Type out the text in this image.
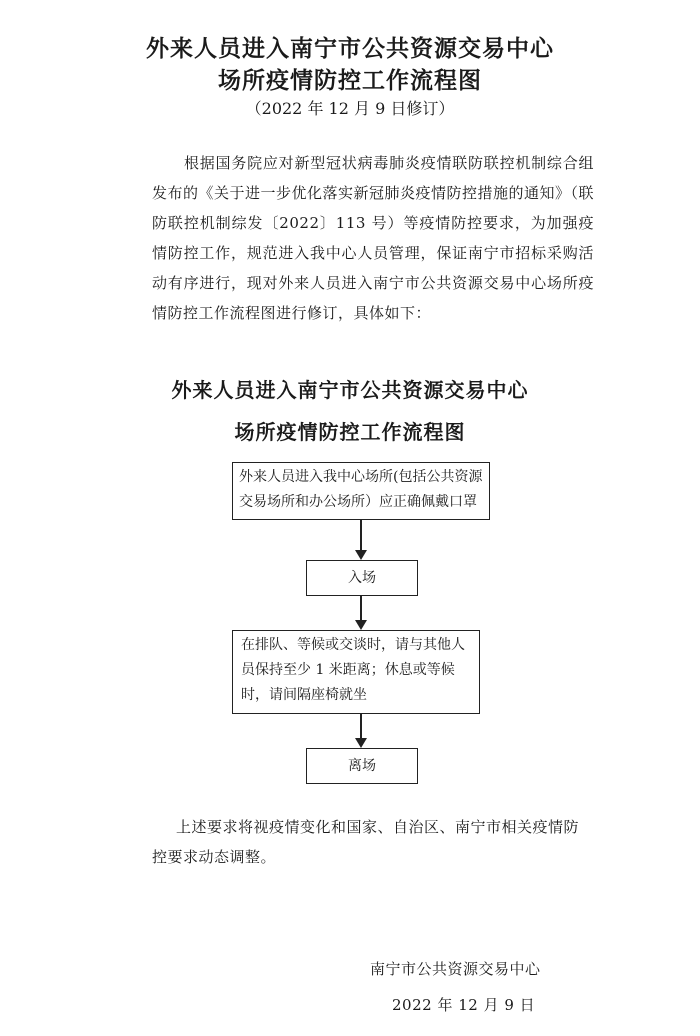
外来人员进入南宁市公共资源交易中心
场所疫情防控工作流程图
（2022 年 12 月 9 日修订）

根据国务院应对新型冠状病毒肺炎疫情联防联控机制综合组发布的《关于进一步优化落实新冠肺炎疫情防控措施的通知》（联防联控机制综发〔2022〕113 号）等疫情防控要求，为加强疫情防控工作，规范进入我中心人员管理，保证南宁市招标采购活动有序进行，现对外来人员进入南宁市公共资源交易中心场所疫情防控工作流程图进行修订，具体如下：

外来人员进入南宁市公共资源交易中心
场所疫情防控工作流程图
外来人员进入我中心场所(包括公共资源交易场所和办公场所）应正确佩戴口罩
入场
在排队、等候或交谈时，请与其他人员保持至少 1 米距离；休息或等候时，请间隔座椅就坐
离场

上述要求将视疫情变化和国家、自治区、南宁市相关疫情防控要求动态调整。

南宁市公共资源交易中心
2022 年 12 月 9 日
